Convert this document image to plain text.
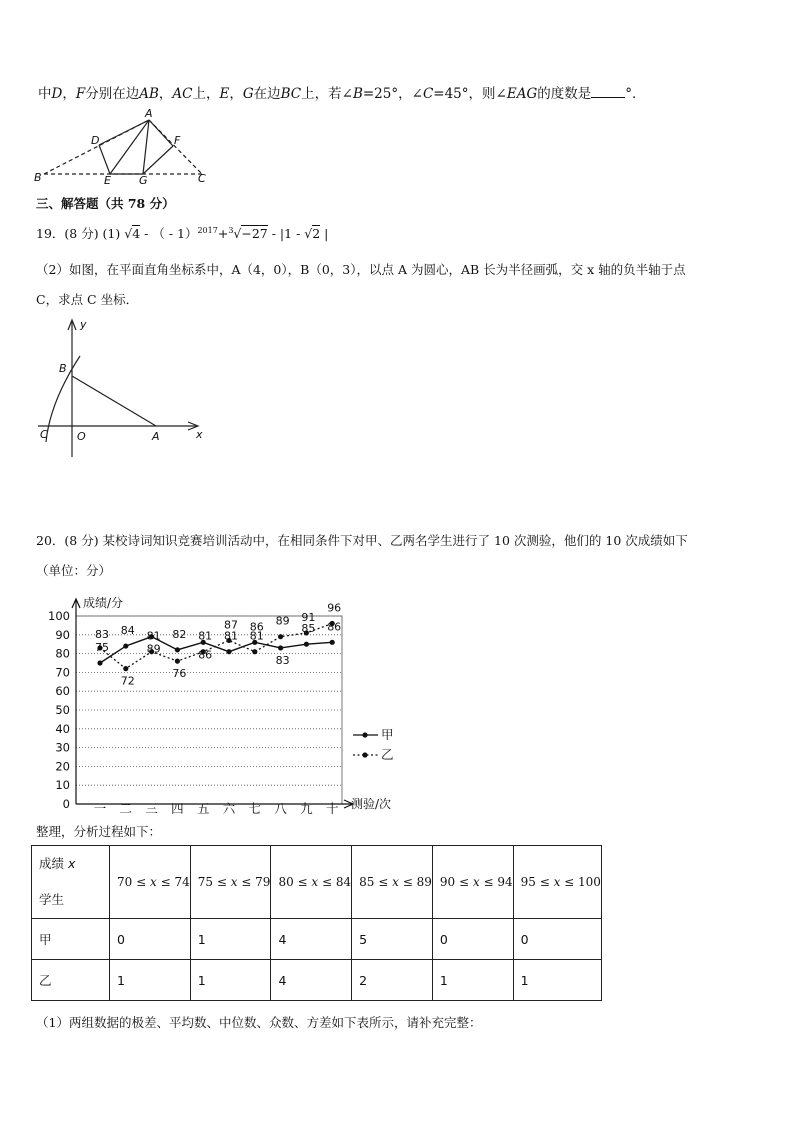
中D，F分别在边AB，AC上，E，G在边BC上，若∠B=25°，∠C=45°，则∠EAG的度数是	°．
A
B	C
D
E
F
G
三、解答题（共 78 分）
19．(8 分) (1) √4 - （ - 1）$^{2017}$+$^3$√−27 - |1 - √2 |
（2）如图，在平面直角坐标系中，A（4，0），B（0，3），以点 A 为圆心，AB 长为半径画弧，交 x 轴的负半轴于点
C，求点 C 坐标．
y
x
B
C	O	A
20．(8 分) 某校诗词知识竞赛培训活动中，在相同条件下对甲、乙两名学生进行了 10 次测验，他们的 10 次成绩如下
（单位：分）
0
10
20
30
40
50
60
70
80
90
100
一 二 三 四 五 六 七 八 九 十
75
84
89
82
86
81
86
83
85 86
83
72
81
76
81
87
81
89 91
96
甲
乙
成绩/分
测验/次
整理，分析过程如下：
成绩 x
学生	70 ≤ x ≤ 74	75 ≤ x ≤ 79	80 ≤ x ≤ 84	85 ≤ x ≤ 89	90 ≤ x ≤ 94	95 ≤ x ≤ 100

甲	0	1	4	5	0	0
乙	1	1	4	2	1	1
（1）两组数据的极差、平均数、中位数、众数、方差如下表所示，请补充完整：
